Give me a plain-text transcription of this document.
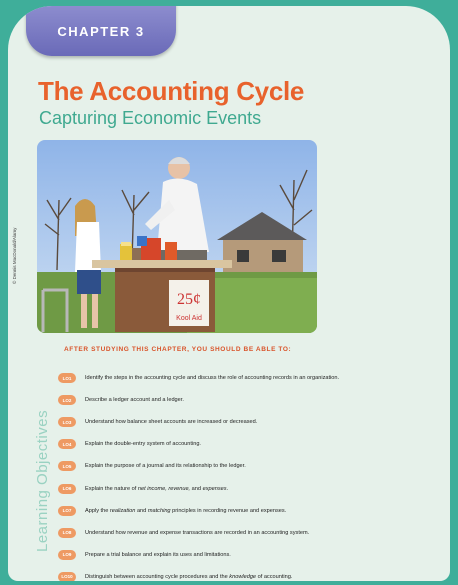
CHAPTER 3
The Accounting Cycle
Capturing Economic Events
25¢
Kool Aid
© Dennis MacDonald/Alamy
AFTER STUDYING THIS CHAPTER, YOU SHOULD BE ABLE TO:
LO1	Identify the steps in the accounting cycle and discuss the role of accounting records in an organization.
LO2	Describe a ledger account and a ledger.
LO3	Understand how balance sheet accounts are increased or decreased.
LO4	Explain the double-entry system of accounting.
LO5	Explain the purpose of a journal and its relationship to the ledger.
LO6	Explain the nature of net income, revenue, and expenses.
LO7	Apply the realization and matching principles in recording revenue and expenses.
LO8	Understand how revenue and expense transactions are recorded in an accounting system.
LO9	Prepare a trial balance and explain its uses and limitations.
LO10	Distinguish between accounting cycle procedures and the knowledge of accounting.
Learning Objectives
